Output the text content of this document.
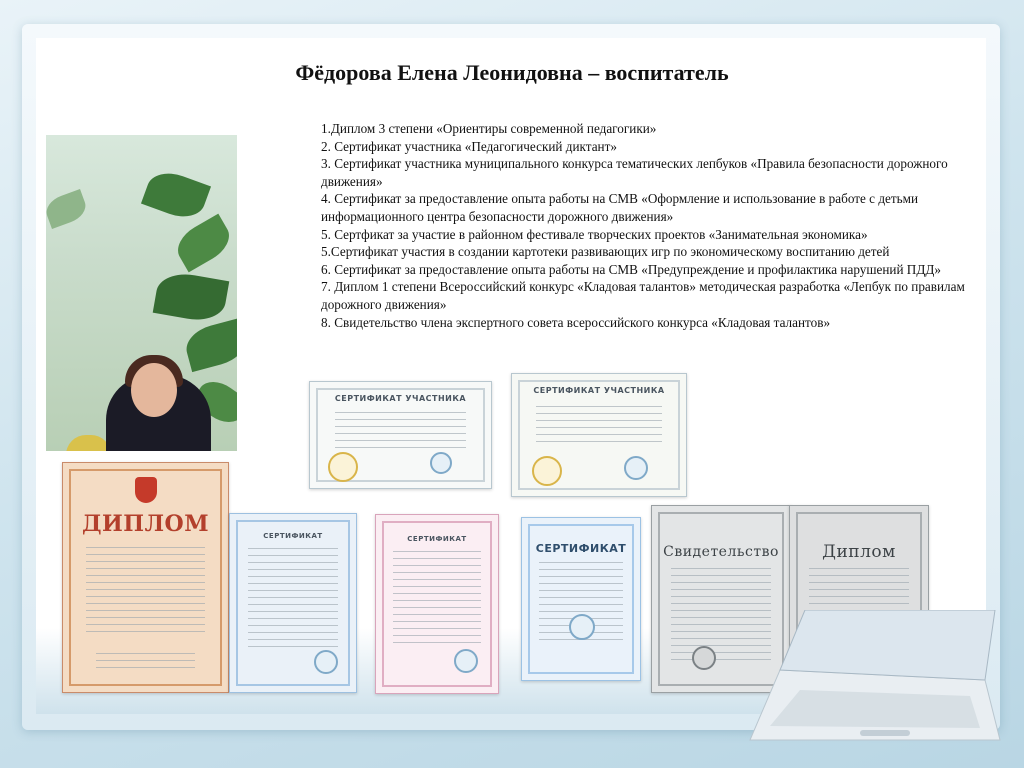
Фёдорова Елена Леонидовна – воспитатель
1.Диплом 3 степени «Ориентиры современной педагогики»
2. Сертификат участника «Педагогический диктант»
3. Сертификат участника муниципального конкурса тематических лепбуков «Правила безопасности дорожного движения»
4. Сертификат за предоставление опыта работы на СМВ «Оформление и использование в работе с детьми информационного центра безопасности дорожного движения»
5. Сертфикат за участие в районном фестивале творческих проектов «Занимательная экономика»
5.Сертификат участия в создании картотеки развивающих игр по экономическому воспитанию детей
6. Сертификат за предоставление опыта работы на СМВ «Предупреждение и профилактика нарушений ПДД»
7. Диплом 1 степени Всероссийский конкурс «Кладовая талантов» методическая разработка «Лепбук по правилам дорожного движения»
8. Свидетельство члена экспертного совета всероссийского конкурса «Кладовая талантов»
СЕРТИФИКАТ УЧАСТНИКА
СЕРТИФИКАТ УЧАСТНИКА
ДИПЛОМ	СЕРТИФИКАТ	СЕРТИФИКАТ
СЕРТИФИКАТ	Свидетельство	Диплом
